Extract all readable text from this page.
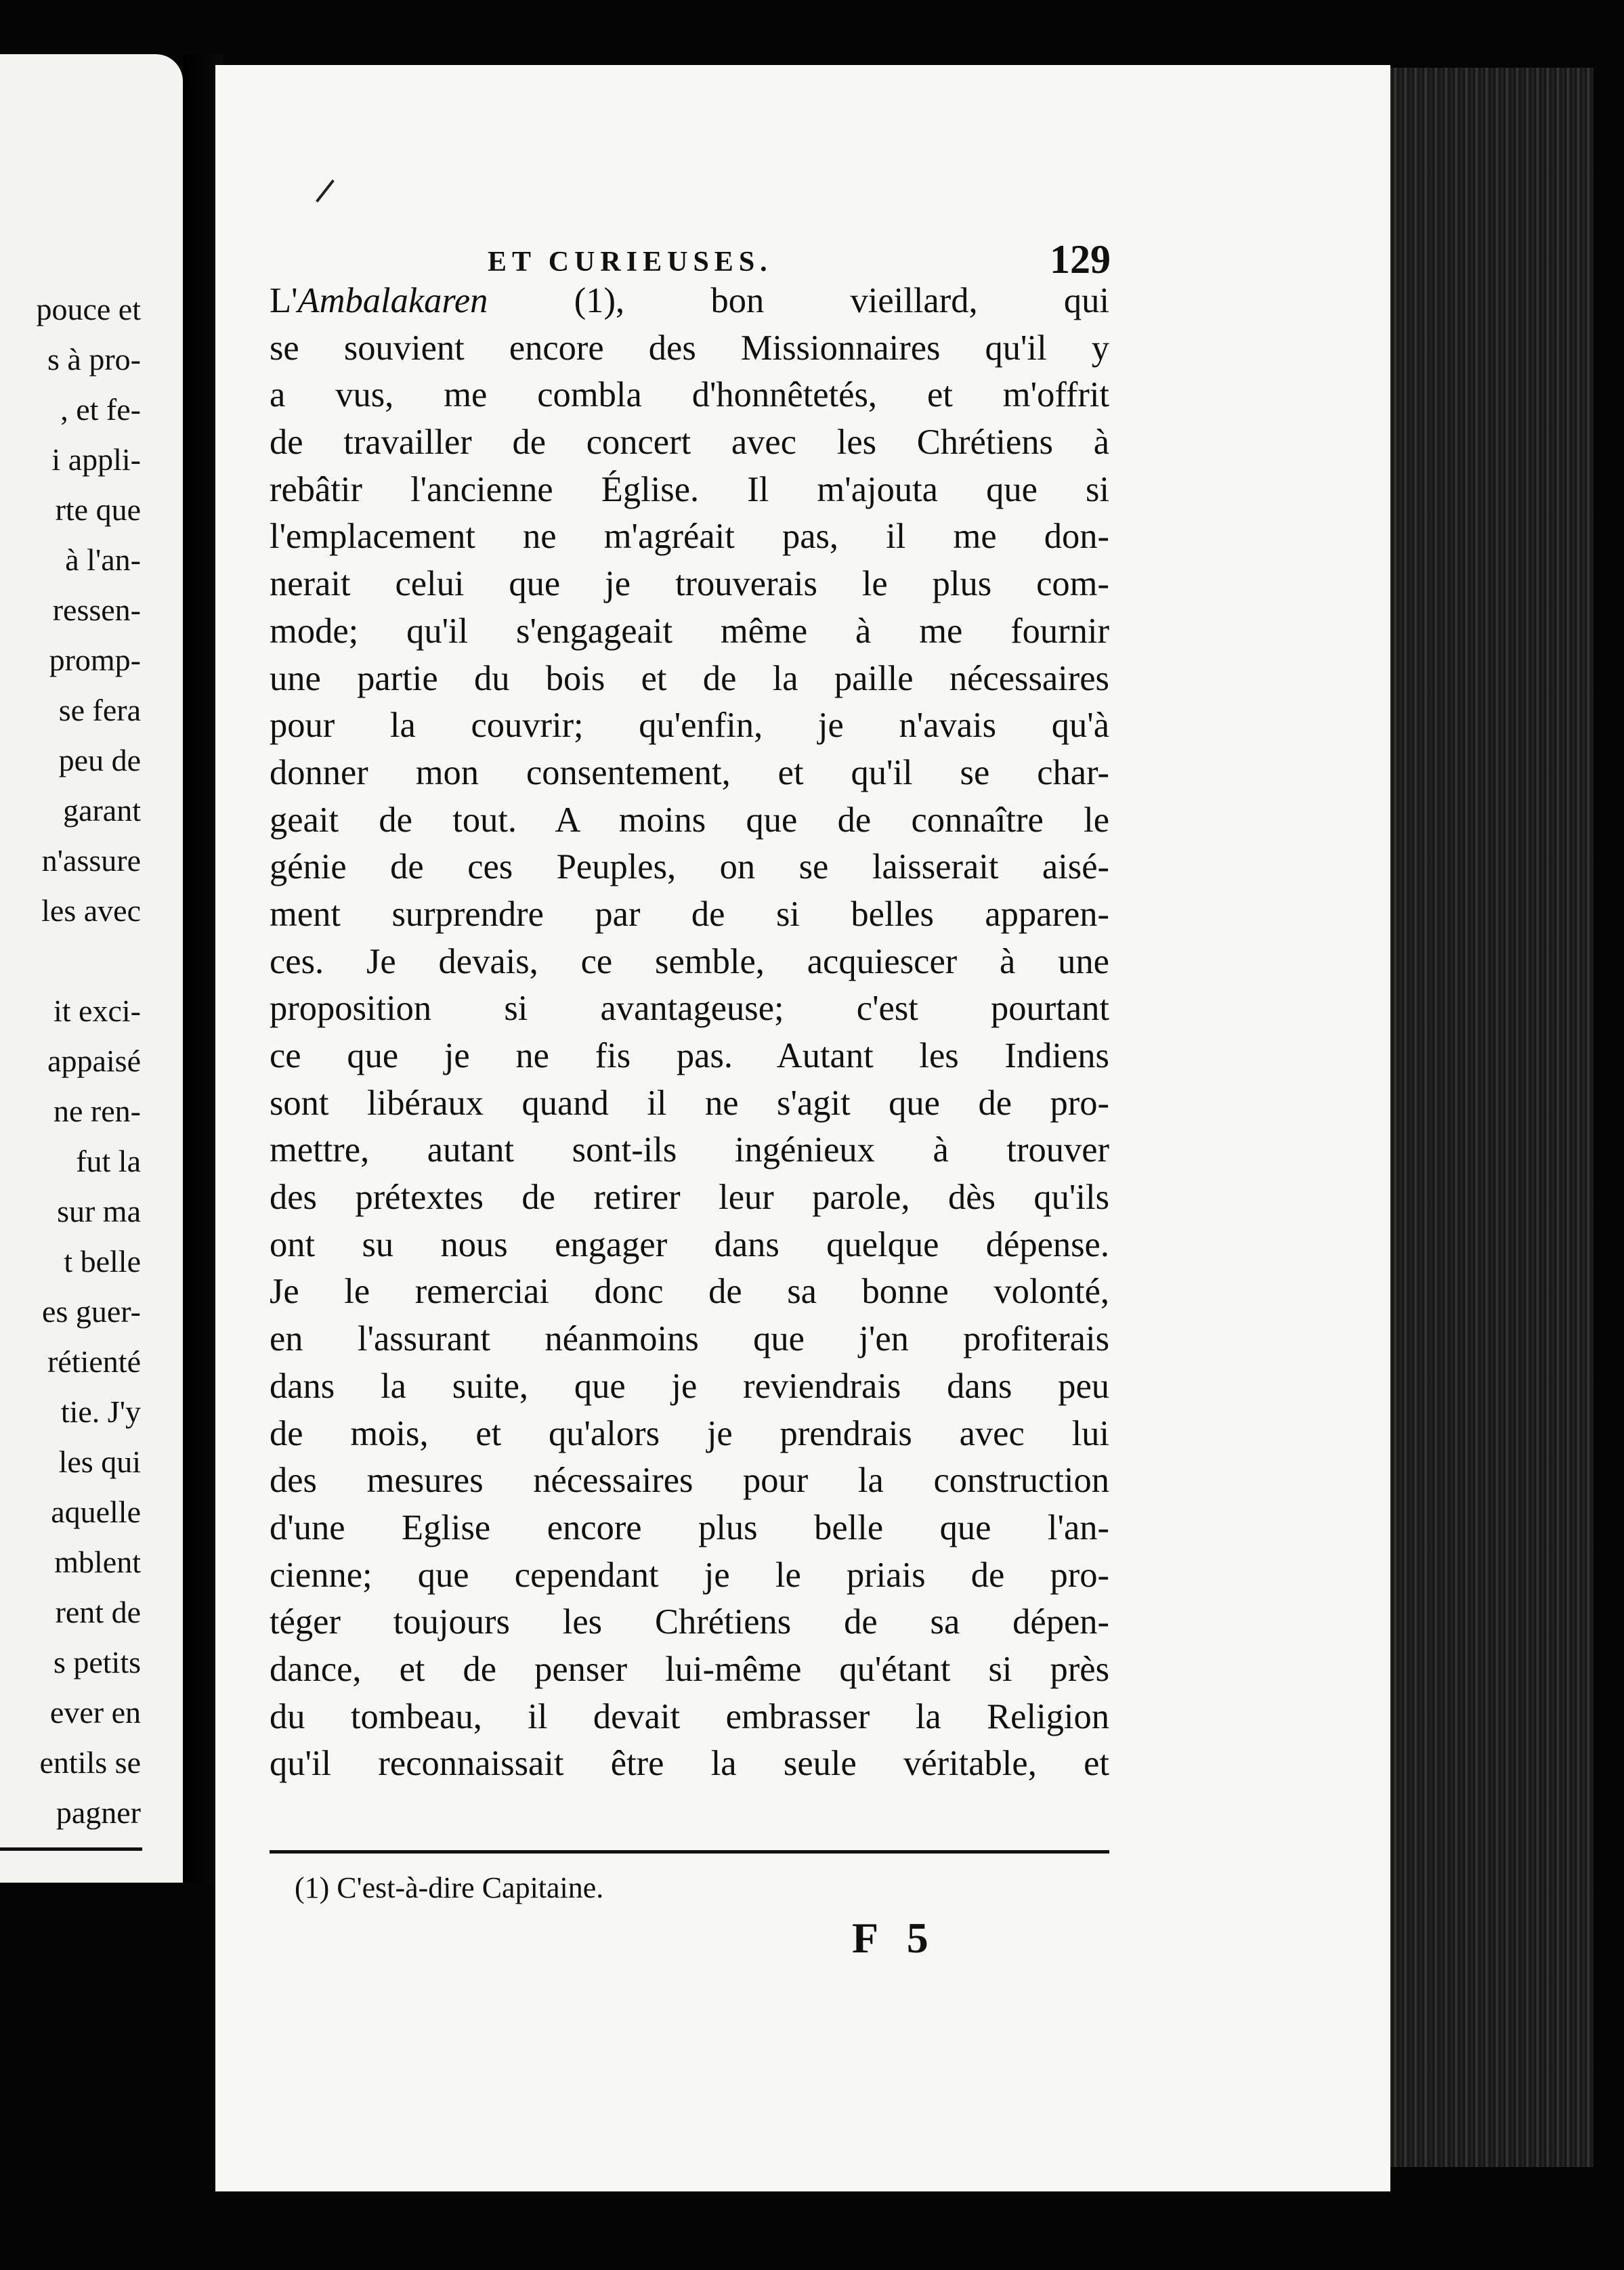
pouce et
s à pro-
, et fe-
i appli-
rte que
à l'an-
ressen-
promp-
se fera
peu de
garant
n'assure
les avec
it exci-
appaisé
ne ren-
fut la
sur ma
t belle
es guer-
rétienté
tie. J'y
les qui
aquelle
mblent
rent de
s petits
ever en
entils se
pagner
ET CURIEUSES.	129
L'Ambalakaren (1), bon vieillard, qui
se souvient encore des Missionnaires qu'il y
a vus, me combla d'honnêtetés, et m'offrit
de travailler de concert avec les Chrétiens à
rebâtir l'ancienne Église. Il m'ajouta que si
l'emplacement ne m'agréait pas, il me don-
nerait celui que je trouverais le plus com-
mode; qu'il s'engageait même à me fournir
une partie du bois et de la paille nécessaires
pour la couvrir; qu'enfin, je n'avais qu'à
donner mon consentement, et qu'il se char-
geait de tout. A moins que de connaître le
génie de ces Peuples, on se laisserait aisé-
ment surprendre par de si belles apparen-
ces. Je devais, ce semble, acquiescer à une
proposition si avantageuse; c'est pourtant
ce que je ne fis pas. Autant les Indiens
sont libéraux quand il ne s'agit que de pro-
mettre, autant sont-ils ingénieux à trouver
des prétextes de retirer leur parole, dès qu'ils
ont su nous engager dans quelque dépense.
Je le remerciai donc de sa bonne volonté,
en l'assurant néanmoins que j'en profiterais
dans la suite, que je reviendrais dans peu
de mois, et qu'alors je prendrais avec lui
des mesures nécessaires pour la construction
d'une Eglise encore plus belle que l'an-
cienne; que cependant je le priais de pro-
téger toujours les Chrétiens de sa dépen-
dance, et de penser lui-même qu'étant si près
du tombeau, il devait embrasser la Religion
qu'il reconnaissait être la seule véritable, et
(1) C'est-à-dire Capitaine.
F 5
